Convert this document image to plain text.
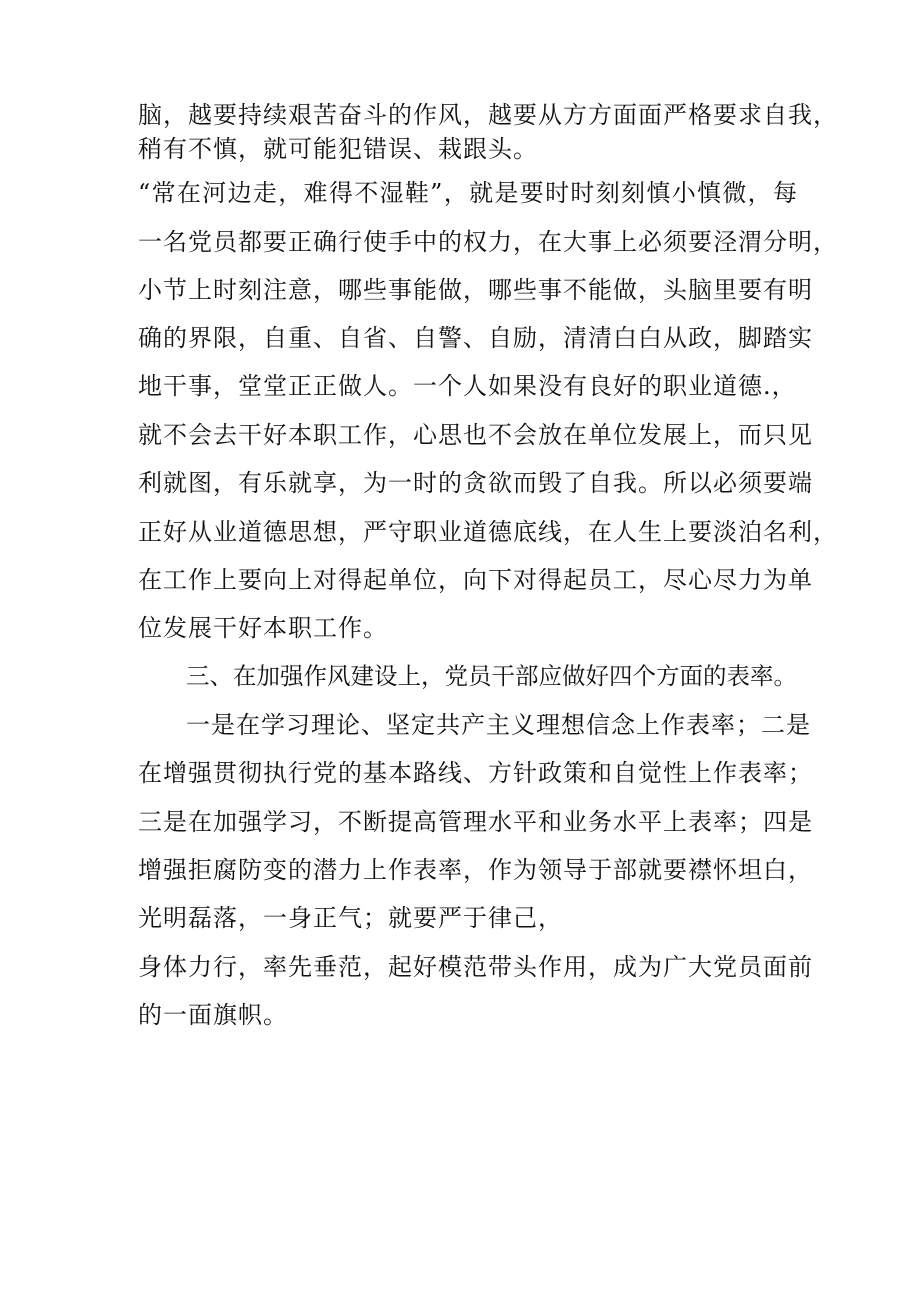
脑，越要持续艰苦奋斗的作风，越要从方方面面严格要求自我，
稍有不慎，就可能犯错误、栽跟头。
“常在河边走，难得不湿鞋”，就是要时时刻刻慎小慎微，每
一名党员都要正确行使手中的权力，在大事上必须要泾渭分明，
小节上时刻注意，哪些事能做，哪些事不能做，头脑里要有明
确的界限，自重、自省、自警、自励，清清白白从政，脚踏实
地干事，堂堂正正做人。一个人如果没有良好的职业道德.，
就不会去干好本职工作，心思也不会放在单位发展上，而只见
利就图，有乐就享，为一时的贪欲而毁了自我。所以必须要端
正好从业道德思想，严守职业道德底线，在人生上要淡泊名利，
在工作上要向上对得起单位，向下对得起员工，尽心尽力为单
位发展干好本职工作。
三、在加强作风建设上，党员干部应做好四个方面的表率。
一是在学习理论、坚定共产主义理想信念上作表率；二是
在增强贯彻执行党的基本路线、方针政策和自觉性上作表率；
三是在加强学习，不断提高管理水平和业务水平上表率；四是
增强拒腐防变的潜力上作表率，作为领导于部就要襟怀坦白，
光明磊落，一身正气；就要严于律己，
身体力行，率先垂范，起好模范带头作用，成为广大党员面前
的一面旗帜。
